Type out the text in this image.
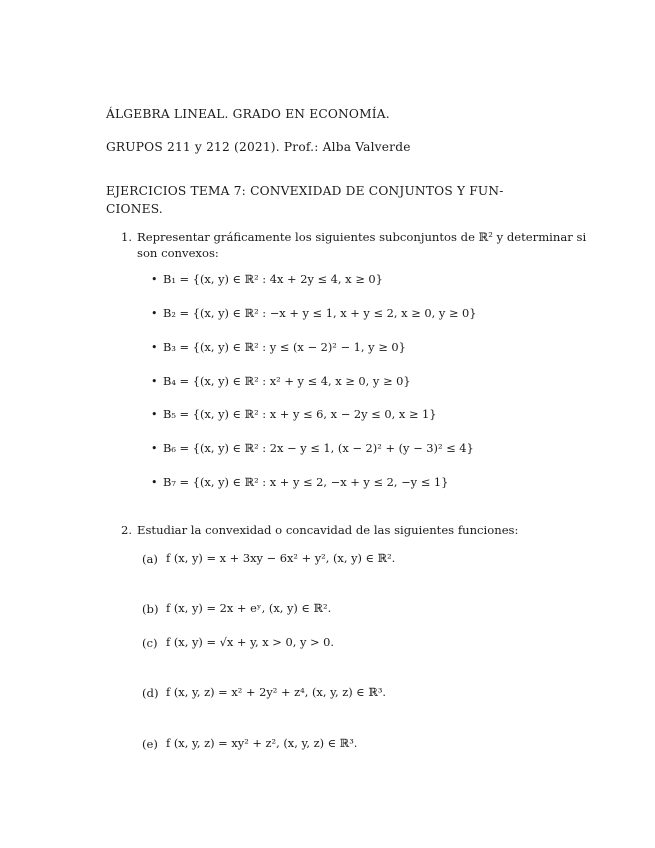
ÁLGEBRA LINEAL. GRADO EN ECONOMÍA.
GRUPOS 211 y 212 (2021). Prof.: Alba Valverde
EJERCICIOS TEMA 7: CONVEXIDAD DE CONJUNTOS Y FUN-
CIONES.
1. Representar gráficamente los siguientes subconjuntos de ℝ² y determinar si
son convexos:
• B₁ = {(x, y) ∈ ℝ² : 4x + 2y ≤ 4, x ≥ 0}
• B₂ = {(x, y) ∈ ℝ² : −x + y ≤ 1, x + y ≤ 2, x ≥ 0, y ≥ 0}
• B₃ = {(x, y) ∈ ℝ² : y ≤ (x − 2)² − 1, y ≥ 0}
• B₄ = {(x, y) ∈ ℝ² : x² + y ≤ 4, x ≥ 0, y ≥ 0}
• B₅ = {(x, y) ∈ ℝ² : x + y ≤ 6, x − 2y ≤ 0, x ≥ 1}
• B₆ = {(x, y) ∈ ℝ² : 2x − y ≤ 1, (x − 2)² + (y − 3)² ≤ 4}
• B₇ = {(x, y) ∈ ℝ² : x + y ≤ 2, −x + y ≤ 2, −y ≤ 1}
2. Estudiar la convexidad o concavidad de las siguientes funciones:
(a) f (x, y) = x + 3xy − 6x² + y², (x, y) ∈ ℝ².
(b) f (x, y) = 2x + eʸ, (x, y) ∈ ℝ².
(c) f (x, y) = √x + y, x > 0, y > 0.
(d) f (x, y, z) = x² + 2y² + z⁴, (x, y, z) ∈ ℝ³.
(e) f (x, y, z) = xy² + z², (x, y, z) ∈ ℝ³.
